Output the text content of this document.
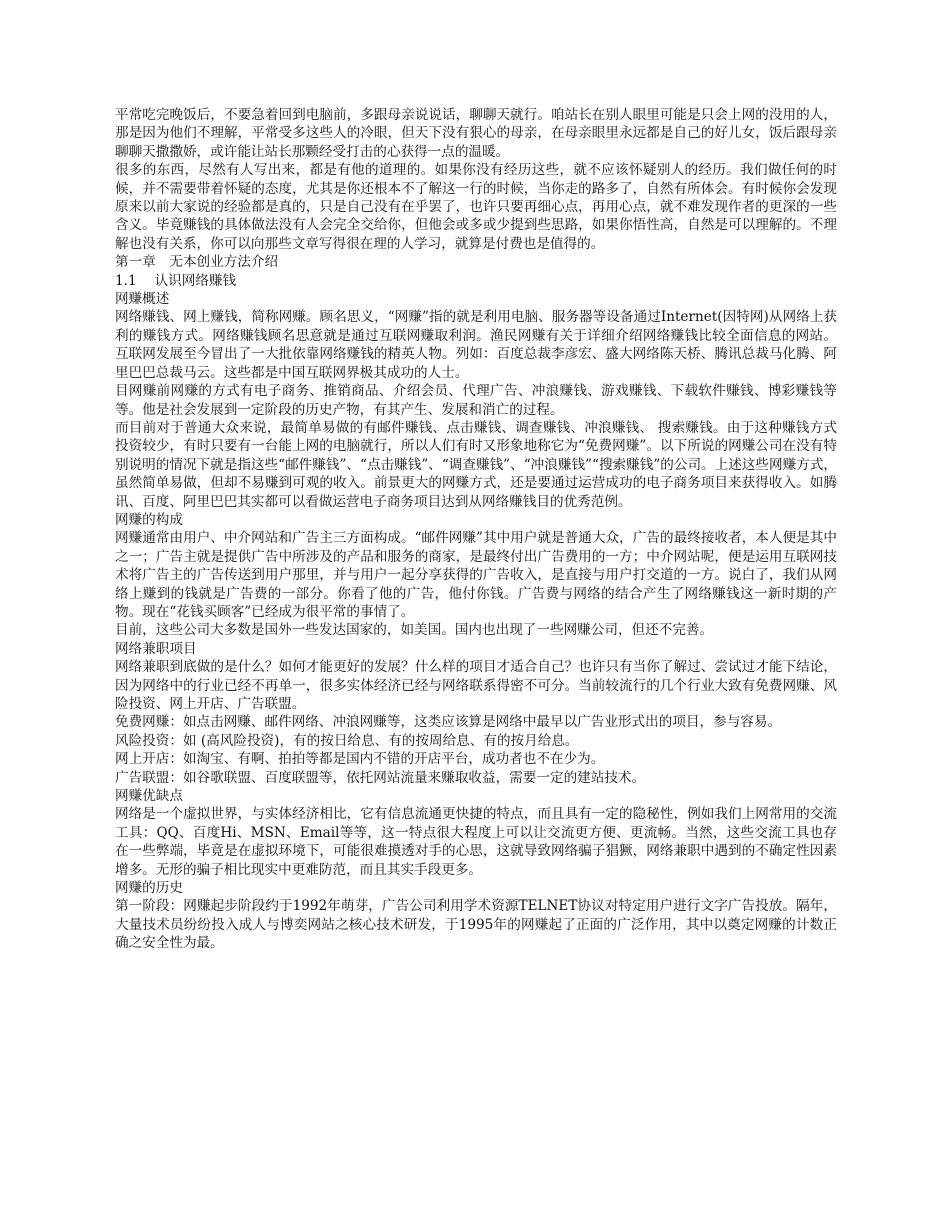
平常吃完晚饭后，不要急着回到电脑前，多跟母亲说说话，聊聊天就行。咱站长在别人眼里可能是只会上网的没用的人，那是因为他们不理解，平常受多这些人的冷眼，但天下没有狠心的母亲，在母亲眼里永远都是自己的好儿女，饭后跟母亲聊聊天撒撒娇，或许能让站长那颗经受打击的心获得一点的温暖。

很多的东西，尽然有人写出来，都是有他的道理的。如果你没有经历这些，就不应该怀疑别人的经历。我们做任何的时候，并不需要带着怀疑的态度，尤其是你还根本不了解这一行的时候，当你走的路多了，自然有所体会。有时候你会发现原来以前大家说的经验都是真的，只是自己没有在乎罢了，也许只要再细心点，再用心点，就不难发现作者的更深的一些含义。毕竟赚钱的具体做法没有人会完全交给你，但他会或多或少提到些思路，如果你悟性高，自然是可以理解的。不理解也没有关系，你可以向那些文章写得很在理的人学习，就算是付费也是值得的。

第一章　无本创业方法介绍
1.1　 认识网络赚钱
网赚概述

网络赚钱、网上赚钱，简称网赚。顾名思义，“网赚”指的就是利用电脑、服务器等设备通过Internet(因特网)从网络上获利的赚钱方式。网络赚钱顾名思意就是通过互联网赚取利润。渔民网赚有关于详细介绍网络赚钱比较全面信息的网站。 互联网发展至今冒出了一大批依靠网络赚钱的精英人物。列如：百度总裁李彦宏、盛大网络陈天桥、腾讯总裁马化腾、阿里巴巴总裁马云。这些都是中国互联网界极其成功的人士。

目网赚前网赚的方式有电子商务、推销商品、介绍会员、代理广告、冲浪赚钱、游戏赚钱、下载软件赚钱、博彩赚钱等等。他是社会发展到一定阶段的历史产物，有其产生、发展和消亡的过程。

而目前对于普通大众来说，最简单易做的有邮件赚钱、点击赚钱、调查赚钱、冲浪赚钱、 搜索赚钱。由于这种赚钱方式投资较少，有时只要有一台能上网的电脑就行，所以人们有时又形象地称它为“免费网赚”。以下所说的网赚公司在没有特别说明的情况下就是指这些“邮件赚钱”、“点击赚钱”、“调查赚钱”、“冲浪赚钱”“搜索赚钱”的公司。上述这些网赚方式，虽然简单易做，但却不易赚到可观的收入。前景更大的网赚方式，还是要通过运营成功的电子商务项目来获得收入。如腾讯、百度、阿里巴巴其实都可以看做运营电子商务项目达到从网络赚钱目的优秀范例。

网赚的构成

网赚通常由用户、中介网站和广告主三方面构成。“邮件网赚”其中用户就是普通大众，广告的最终接收者，本人便是其中之一；广告主就是提供广告中所涉及的产品和服务的商家，是最终付出广告费用的一方；中介网站呢，便是运用互联网技术将广告主的广告传送到用户那里，并与用户一起分享获得的广告收入，是直接与用户打交道的一方。说白了，我们从网络上赚到的钱就是广告费的一部分。你看了他的广告，他付你钱。广告费与网络的结合产生了网络赚钱这一新时期的产物。现在“花钱买顾客”已经成为很平常的事情了。

目前，这些公司大多数是国外一些发达国家的，如美国。国内也出现了一些网赚公司，但还不完善。

网络兼职项目

网络兼职到底做的是什么？如何才能更好的发展？什么样的项目才适合自己？也许只有当你了解过、尝试过才能下结论，因为网络中的行业已经不再单一，很多实体经济已经与网络联系得密不可分。当前较流行的几个行业大致有免费网赚、风险投资、网上开店、广告联盟。

免费网赚：如点击网赚、邮件网络、冲浪网赚等，这类应该算是网络中最早以广告业形式出的项目，参与容易。

风险投资：如 (高风险投资)，有的按日给息、有的按周给息、有的按月给息。

网上开店：如淘宝、有啊、拍拍等都是国内不错的开店平台，成功者也不在少为。

广告联盟：如谷歌联盟、百度联盟等，依托网站流量来赚取收益，需要一定的建站技术。

网赚优缺点

网络是一个虚拟世界，与实体经济相比，它有信息流通更快捷的特点，而且具有一定的隐秘性，例如我们上网常用的交流工具：QQ、百度Hi、MSN、Email等等，这一特点很大程度上可以让交流更方便、更流畅。当然，这些交流工具也存在一些弊端，毕竟是在虚拟环境下，可能很难摸透对手的心思，这就导致网络骗子猖獗，网络兼职中遇到的不确定性因素增多。无形的骗子相比现实中更难防范，而且其实手段更多。

网赚的历史

第一阶段：网赚起步阶段约于1992年萌芽，广告公司利用学术资源TELNET协议对特定用户进行文字广告投放。隔年，大量技术员纷纷投入成人与博奕网站之核心技术研发，于1995年的网赚起了正面的广泛作用，其中以奠定网赚的计数正确之安全性为最。
